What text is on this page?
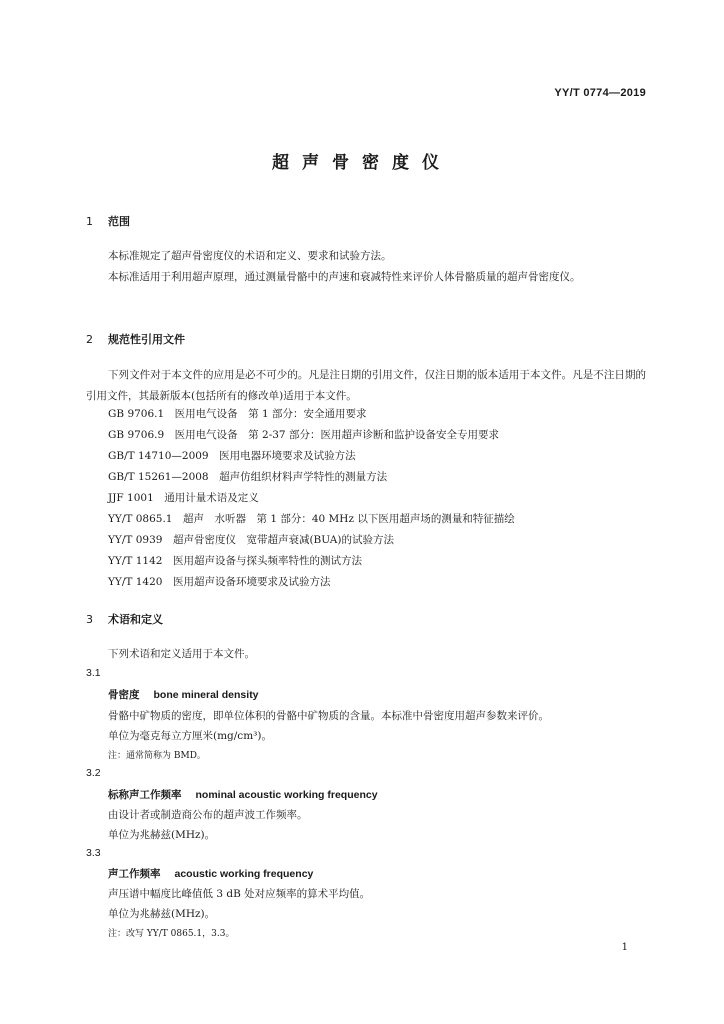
YY/T 0774—2019
超声骨密度仪
1 范围
本标准规定了超声骨密度仪的术语和定义、要求和试验方法。
本标准适用于利用超声原理，通过测量骨骼中的声速和衰减特性来评价人体骨骼质量的超声骨密度仪。
2 规范性引用文件
下列文件对于本文件的应用是必不可少的。凡是注日期的引用文件，仅注日期的版本适用于本文件。凡是不注日期的引用文件，其最新版本(包括所有的修改单)适用于本文件。
GB 9706.1　医用电气设备　第 1 部分：安全通用要求
GB 9706.9　医用电气设备　第 2-37 部分：医用超声诊断和监护设备安全专用要求
GB/T 14710—2009　医用电器环境要求及试验方法
GB/T 15261—2008　超声仿组织材料声学特性的测量方法
JJF 1001　通用计量术语及定义
YY/T 0865.1　超声　水听器　第 1 部分：40 MHz 以下医用超声场的测量和特征描绘
YY/T 0939　超声骨密度仪　宽带超声衰减(BUA)的试验方法
YY/T 1142　医用超声设备与探头频率特性的测试方法
YY/T 1420　医用超声设备环境要求及试验方法
3 术语和定义
下列术语和定义适用于本文件。
3.1
骨密度 bone mineral density
骨骼中矿物质的密度，即单位体积的骨骼中矿物质的含量。本标准中骨密度用超声参数来评价。
单位为毫克每立方厘米(mg/cm³)。
注：通常简称为 BMD。
3.2
标称声工作频率 nominal acoustic working frequency
由设计者或制造商公布的超声波工作频率。
单位为兆赫兹(MHz)。
3.3
声工作频率 acoustic working frequency
声压谱中幅度比峰值低 3 dB 处对应频率的算术平均值。
单位为兆赫兹(MHz)。
注：改写 YY/T 0865.1，3.3。
1
